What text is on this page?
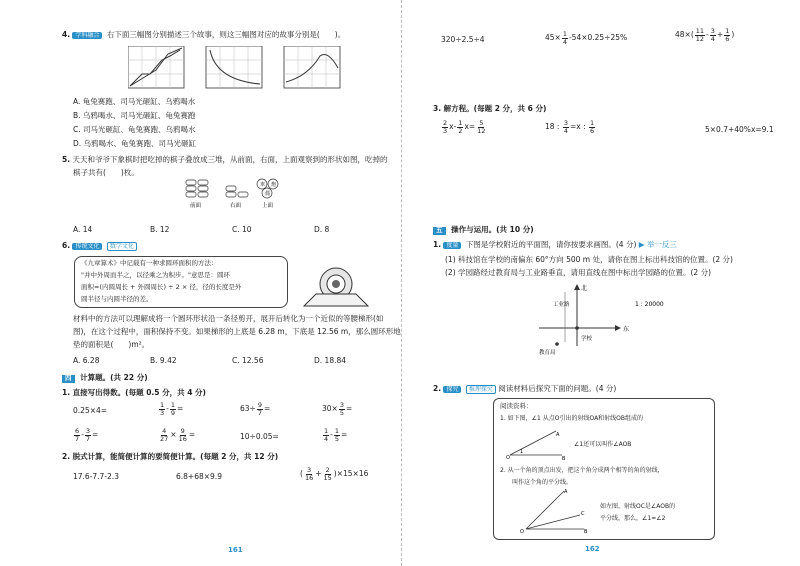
4. 学科融合 右下面三幅图分别描述三个故事，则这三幅图对应的故事分别是(　　)。
A. 龟兔赛跑、司马光砸缸、乌鸦喝水
B. 乌鸦喝水、司马光砸缸、龟兔赛跑
C. 司马光砸缸、龟兔赛跑、乌鸦喝水
D. 乌鸦喝水、龟兔赛跑、司马光砸缸
5. 天天和爷爷下象棋时把吃掉的棋子叠放成三堆，从前面，右面，上面观察到的形状如图，吃掉的
棋子共有(　　)枚。
車 炮
傌
前面	右面	上面
A. 14	B. 12	C. 10	D. 8
6. 传统文化 数学文化
《九章算术》中记载有一种求圆环面积的方法：
"并中外周而半之，以径乘之为积步。"意思是：圆环
面积=(内圆周长 + 外圆周长) ÷ 2 × 径，径的长度是外
圆半径与内圆半径的差。
材料中的方法可以理解成将一个圆环形状沿一条径剪开，展开后转化为一个近似的等腰梯形(如
图)，在这个过程中，面积保持不变。如果梯形的上底是 6.28 m，下底是 12.56 m，那么圆环形地
垫的面积是(　　)m²。
A. 6.28	B. 9.42	C. 12.56	D. 18.84
四 计算题。(共 22 分)
1. 直接写出得数。(每题 0.5 分，共 4 分)
0.25×4=	$\frac{1}{3} - \frac{1}{9}$ =	$63\div \frac{9}{7}$ =	$30\times \frac{3}{5}$ =
$\frac{6}{7} - \frac{3}{7}$ =	$\frac{4}{27} \times \frac{9}{16}$ =	10÷0.05=	$\frac{1}{4} - \frac{1}{5}$ =
2. 脱式计算，能简便计算的要简便计算。(每题 2 分，共 12 分)
17.6-7.7-2.3	6.8+68×9.9	( $\frac{3}{16} + \frac{2}{15} )\times 15\times 16$
161
320÷2.5÷4	$45\times \frac{1}{4} -54\times 0.25\div 25\%$	$48\times( \frac{11}{12} - \frac{3}{4} + \frac{1}{6}$ )
3. 解方程。(每题 2 分，共 6 分)
$\frac{2}{3} x- \frac{1}{2} x= \frac{5}{12}$	18 : $\frac{3}{4} =x$ : $\frac{1}{6}$	5×0.7+40%x=9.1
五 操作与运用。(共 10 分)
1. 度量 下图是学校附近的平面图，请你按要求画图。(4 分) ▶ 举一反三
(1) 科技馆在学校的南偏东 60°方向 500 m 处，请你在图上标出科技馆的位置。(2 分)
(2) 学园路经过教育局与工业路垂直，请用直线在图中标出学园路的位置。(2 分)
北
东
工业路
学校
教育局
1 : 20000
2. 探究 推理探究 阅读材料后探究下面的问题。(4 分)
阅读资料：
1. 如下图，∠1 从点O引出的射线OA和射线OB组成的
O
A
B
1
∠1还可以叫作∠AOB
2. 从一个角的顶点出发，把这个角分成两个相等的角的射线，
叫作这个角的平分线。
O
A
C
B
如左图，射线OC是∠AOB的
平分线，那么，∠1=∠2
162
